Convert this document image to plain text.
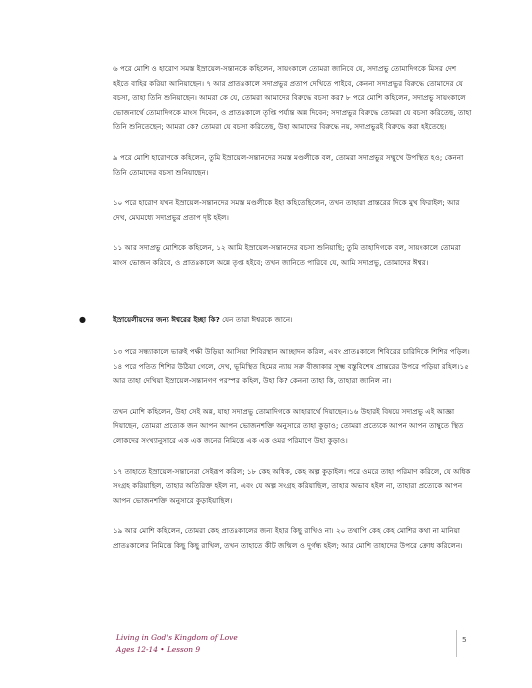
৬ পরে মোশি ও হারোণ সমস্ত ইস্রায়েল-সন্তানকে কহিলেন, সায়ংকালে তোমরা জানিবে যে, সদাপ্রভু তোমাদিগকে মিসর দেশ হইতে বাহির করিয়া আনিয়াছেন। ৭ আর প্রাতঃকালে সদাপ্রভুর প্রতাপ দেখিতে পাইবে, কেননা সদাপ্রভুর বিরুদ্ধে তোমাদের যে বচসা, তাহা তিনি শুনিয়াছেন। আমরা কে যে, তোমরা আমাদের বিরুদ্ধে বচসা কর? ৮ পরে মোশি কহিলেন, সদাপ্রভু সায়ংকালে ভোজনার্থে তোমাদিগকে মাংস দিবেন, ও প্রাতঃকালে তৃপ্তি পর্য্যন্ত অন্ন দিবেন; সদাপ্রভুর বিরুদ্ধে তোমরা যে বচসা করিতেছ, তাহা তিনি শুনিতেছেন; আমরা কে? তোমরা যে বচসা করিতেছ, উহা আমাদের বিরুদ্ধে নয়, সদাপ্রভুরই বিরুদ্ধে করা হইতেছে।

৯ পরে মোশি হারোণকে কহিলেন, তুমি ইস্রায়েল-সন্তানদের সমস্ত মণ্ডলীকে বল, তোমরা সদাপ্রভুর সম্মুখে উপস্থিত হও; কেননা তিনি তোমাদের বচসা শুনিয়াছেন।

১০ পরে হারোণ যখন ইস্রায়েল-সন্তানদের সমস্ত মণ্ডলীকে ইহা কহিতেছিলেন, তখন তাহারা প্রান্তরের দিকে মুখ ফিরাইল; আর দেখ, মেঘমধ্যে সদাপ্রভুর প্রতাপ দৃষ্ট হইল।

১১ আর সদাপ্রভু মোশিকে কহিলেন, ১২ আমি ইস্রায়েল-সন্তানদের বচসা শুনিয়াছি; তুমি তাহাদিগকে বল, সায়ংকালে তোমরা মাংস ভোজন করিবে, ও প্রাতঃকালে অন্নে তৃপ্ত হইবে; তখন জানিতে পারিবে যে, আমি সদাপ্রভু, তোমাদের ঈশ্বর।

●	ইস্রায়েলীয়দের জন্য ঈশ্বরের ইচ্ছা কি? যেন তারা ঈশ্বরকে জানে।

১৩ পরে সন্ধ্যাকালে ভারুই পক্ষী উড়িয়া আসিয়া শিবিরস্থান আচ্ছাদন করিল, এবং প্রাতঃকালে শিবিরের চারিদিকে শিশির পড়িল। ১৪ পরে পতিত শিশির উঠিয়া গেলে, দেখ, ভূমিস্থিত হিমের ন্যায় সরু বীজাকার সূক্ষ্ম বস্তুবিশেষ প্রান্তরের উপরে পড়িয়া রহিল।১৫ আর তাহা দেখিয়া ইস্রায়েল-সন্তানগণ পরস্পর কহিল, উহা কি? কেননা তাহা কি, তাহারা জানিল না।

তখন মোশি কহিলেন, উহা সেই অন্ন, যাহা সদাপ্রভু তোমাদিগকে আহারার্থে দিয়াছেন।১৬ উহারই বিষয়ে সদাপ্রভু এই আজ্ঞা দিয়াছেন, তোমরা প্রত্যেক জন আপন আপন ভোজনশক্তি অনুসারে তাহা কুড়াও; তোমরা প্রত্যেকে আপন আপন তাম্বুতে স্থিত লোকদের সংখ্যানুসারে এক এক জনের নিমিত্তে এক এক ওমর পরিমাণে উহা কুড়াও।

১৭ তাহাতে ইস্রায়েল-সন্তানেরা সেইরূপ করিল; ১৮ কেহ অধিক, কেহ অল্প কুড়াইল। পরে ওমরে তাহা পরিমাণ করিলে, যে অধিক সংগ্রহ করিয়াছিল, তাহার অতিরিক্ত হইল না, এবং যে অল্প সংগ্রহ করিয়াছিল, তাহার অভাব হইল না, তাহারা প্রত্যেকে আপন আপন ভোজনশক্তি অনুসারে কুড়াইয়াছিল।

১৯ আর মোশি কহিলেন, তোমরা কেহ প্রাতঃকালের জন্য ইহার কিছু রাখিও না। ২০ তথাপি কেহ কেহ মোশির কথা না মানিয়া প্রাতঃকালের নিমিত্তে কিছু কিছু রাখিল, তখন তাহাতে কীট জন্মিল ও দুর্গন্ধ হইল; আর মোশি তাহাদের উপরে ক্রোধ করিলেন।

Living in God's Kingdom of Love
Ages 12-14 • Lesson 9
5
